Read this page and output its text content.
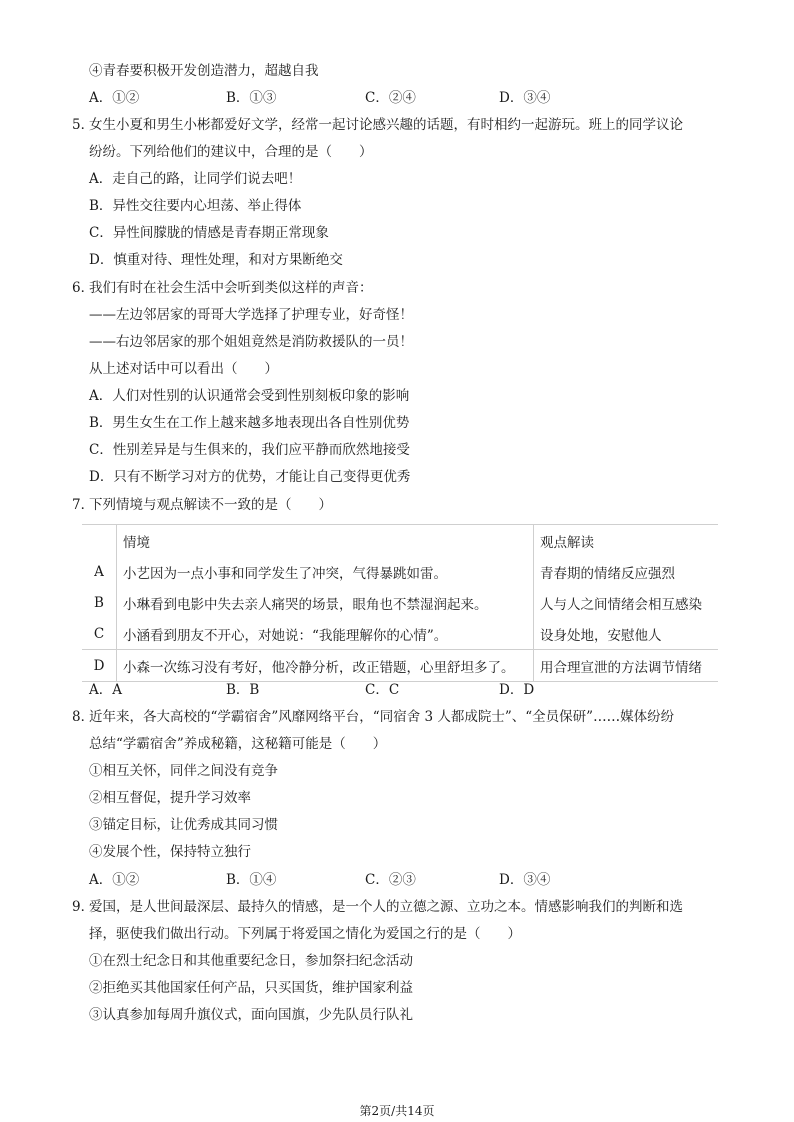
④青春要积极开发创造潜力，超越自我
A．①②	B．①③	C．②④	D．③④
5．
女生小夏和男生小彬都爱好文学，经常一起讨论感兴趣的话题，有时相约一起游玩。班上的同学议论
纷纷。下列给他们的建议中，合理的是（　　）
A．走自己的路，让同学们说去吧！
B．异性交往要内心坦荡、举止得体
C．异性间朦胧的情感是青春期正常现象
D．慎重对待、理性处理，和对方果断绝交
6．
我们有时在社会生活中会听到类似这样的声音：
——左边邻居家的哥哥大学选择了护理专业，好奇怪！
——右边邻居家的那个姐姐竟然是消防救援队的一员！
从上述对话中可以看出（　　）
A．人们对性别的认识通常会受到性别刻板印象的影响
B．男生女生在工作上越来越多地表现出各自性别优势
C．性别差异是与生俱来的，我们应平静而欣然地接受
D．只有不断学习对方的优势，才能让自己变得更优秀
7．
下列情境与观点解读不一致的是（　　）
	情境	观点解读
A	小艺因为一点小事和同学发生了冲突，气得暴跳如雷。	青春期的情绪反应强烈
B	小琳看到电影中失去亲人痛哭的场景，眼角也不禁湿润起来。	人与人之间情绪会相互感染
C	小涵看到朋友不开心，对她说：“我能理解你的心情”。	设身处地，安慰他人
D	小森一次练习没有考好，他冷静分析，改正错题，心里舒坦多了。	用合理宣泄的方法调节情绪
A．A	B．B	C．C	D．D
8．
近年来，各大高校的“学霸宿舍”风靡网络平台，“同宿舍 3 人都成院士”、“全员保研”……媒体纷纷
总结“学霸宿舍”养成秘籍，这秘籍可能是（　　）
①相互关怀，同伴之间没有竞争
②相互督促，提升学习效率
③锚定目标，让优秀成其同习惯
④发展个性，保持特立独行
A．①②	B．①④	C．②③	D．③④
9．
爱国，是人世间最深层、最持久的情感，是一个人的立德之源、立功之本。情感影响我们的判断和选
择，驱使我们做出行动。下列属于将爱国之情化为爱国之行的是（　　）
①在烈士纪念日和其他重要纪念日，参加祭扫纪念活动
②拒绝买其他国家任何产品，只买国货，维护国家利益
③认真参加每周升旗仪式，面向国旗，少先队员行队礼
第2页/共14页
